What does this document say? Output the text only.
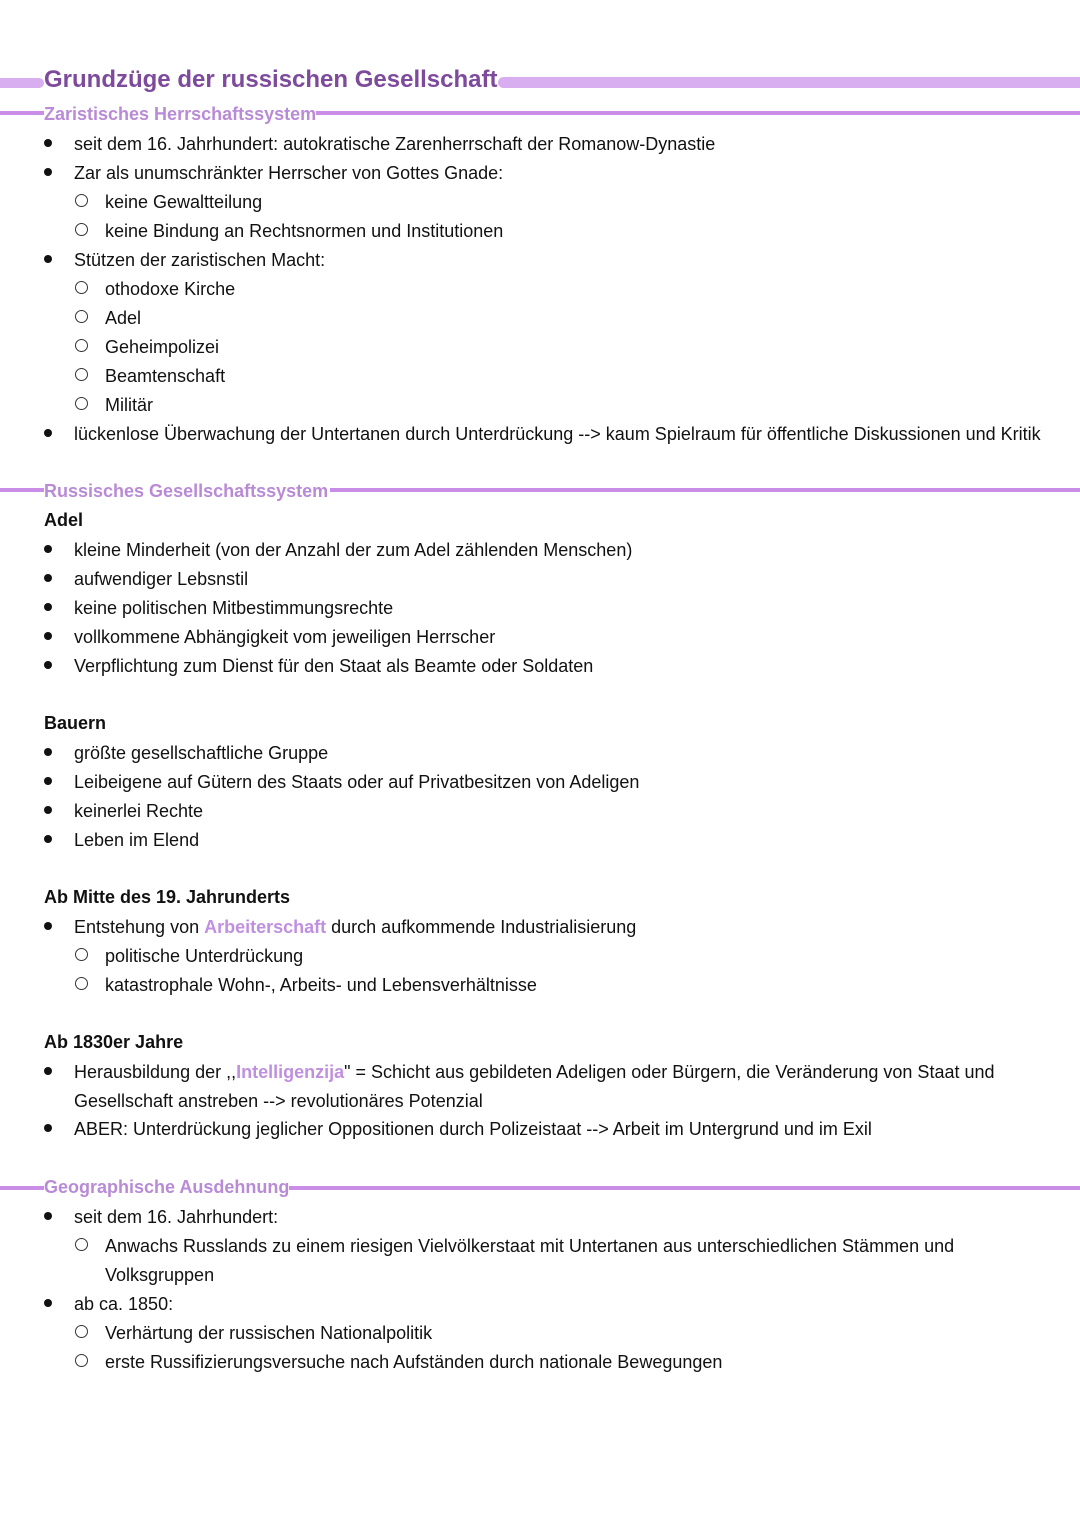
Grundzüge der russischen Gesellschaft
Zaristisches Herrschaftssystem
seit dem 16. Jahrhundert: autokratische Zarenherrschaft der Romanow-Dynastie
Zar als unumschränkter Herrscher von Gottes Gnade:
keine Gewaltteilung
keine Bindung an Rechtsnormen und Institutionen
Stützen der zaristischen Macht:
othodoxe Kirche
Adel
Geheimpolizei
Beamtenschaft
Militär
lückenlose Überwachung der Untertanen durch Unterdrückung --> kaum Spielraum für öffentliche Diskussionen und Kritik
Russisches Gesellschaftssystem
Adel
kleine Minderheit (von der Anzahl der zum Adel zählenden Menschen)
aufwendiger Lebsnstil
keine politischen Mitbestimmungsrechte
vollkommene Abhängigkeit vom jeweiligen Herrscher
Verpflichtung zum Dienst für den Staat als Beamte oder Soldaten
Bauern
größte gesellschaftliche Gruppe
Leibeigene auf Gütern des Staats oder auf Privatbesitzen von Adeligen
keinerlei Rechte
Leben im Elend
Ab Mitte des 19. Jahrunderts
Entstehung von Arbeiterschaft durch aufkommende Industrialisierung
politische Unterdrückung
katastrophale Wohn-, Arbeits- und Lebensverhältnisse
Ab 1830er Jahre
Herausbildung der ,,Intelligenzija" = Schicht aus gebildeten Adeligen oder Bürgern, die Veränderung von Staat und Gesellschaft anstreben --> revolutionäres Potenzial
ABER: Unterdrückung jeglicher Oppositionen durch Polizeistaat --> Arbeit im Untergrund und im Exil
Geographische Ausdehnung
seit dem 16. Jahrhundert:
Anwachs Russlands zu einem riesigen Vielvölkerstaat mit Untertanen aus unterschiedlichen Stämmen und Volksgruppen
ab ca. 1850:
Verhärtung der russischen Nationalpolitik
erste Russifizierungsversuche nach Aufständen durch nationale Bewegungen
